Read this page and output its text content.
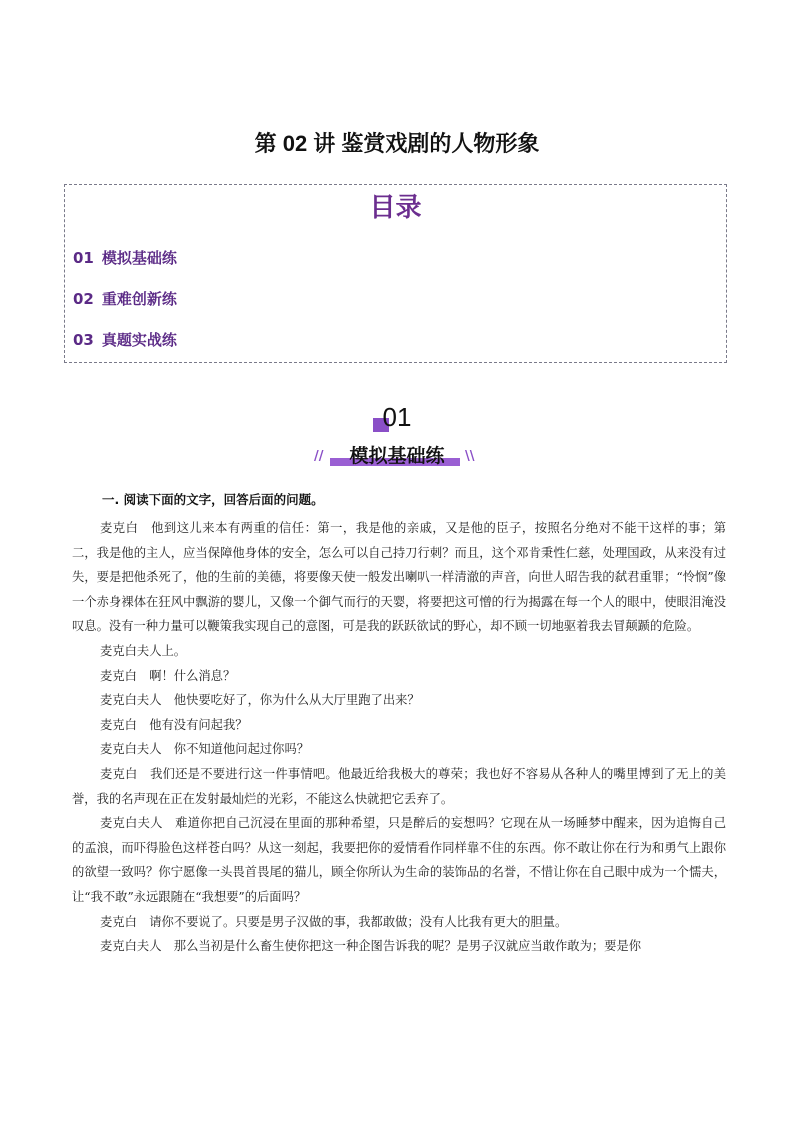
第 02 讲 鉴赏戏剧的人物形象
目录
01 模拟基础练
02 重难创新练
03 真题实战练
01
//	模拟基础练	\\
一. 阅读下面的文字，回答后面的问题。

麦克白　他到这儿来本有两重的信任：第一，我是他的亲戚，又是他的臣子，按照名分绝对不能干这样的事；第二，我是他的主人，应当保障他身体的安全，怎么可以自己持刀行刺？而且，这个邓肯秉性仁慈，处理国政，从来没有过失，要是把他杀死了，他的生前的美德，将要像天使一般发出喇叭一样清澈的声音，向世人昭告我的弑君重罪；“怜悯”像一个赤身裸体在狂风中飘游的婴儿，又像一个御气而行的天婴，将要把这可憎的行为揭露在每一个人的眼中，使眼泪淹没叹息。没有一种力量可以鞭策我实现自己的意图，可是我的跃跃欲试的野心，却不顾一切地驱着我去冒颠踬的危险。

麦克白夫人上。

麦克白　啊！什么消息？

麦克白夫人　他快要吃好了，你为什么从大厅里跑了出来？

麦克白　他有没有问起我？

麦克白夫人　你不知道他问起过你吗？

麦克白　我们还是不要进行这一件事情吧。他最近给我极大的尊荣；我也好不容易从各种人的嘴里博到了无上的美誉，我的名声现在正在发射最灿烂的光彩，不能这么快就把它丢弃了。

麦克白夫人　难道你把自己沉浸在里面的那种希望，只是醉后的妄想吗？它现在从一场睡梦中醒来，因为追悔自己的孟浪，而吓得脸色这样苍白吗？从这一刻起，我要把你的爱情看作同样靠不住的东西。你不敢让你在行为和勇气上跟你的欲望一致吗？你宁愿像一头畏首畏尾的猫儿，顾全你所认为生命的装饰品的名誉，不惜让你在自己眼中成为一个懦夫，让“我不敢”永远跟随在“我想要”的后面吗？

麦克白　请你不要说了。只要是男子汉做的事，我都敢做；没有人比我有更大的胆量。

麦克白夫人　那么当初是什么畜生使你把这一种企图告诉我的呢？是男子汉就应当敢作敢为；要是你
